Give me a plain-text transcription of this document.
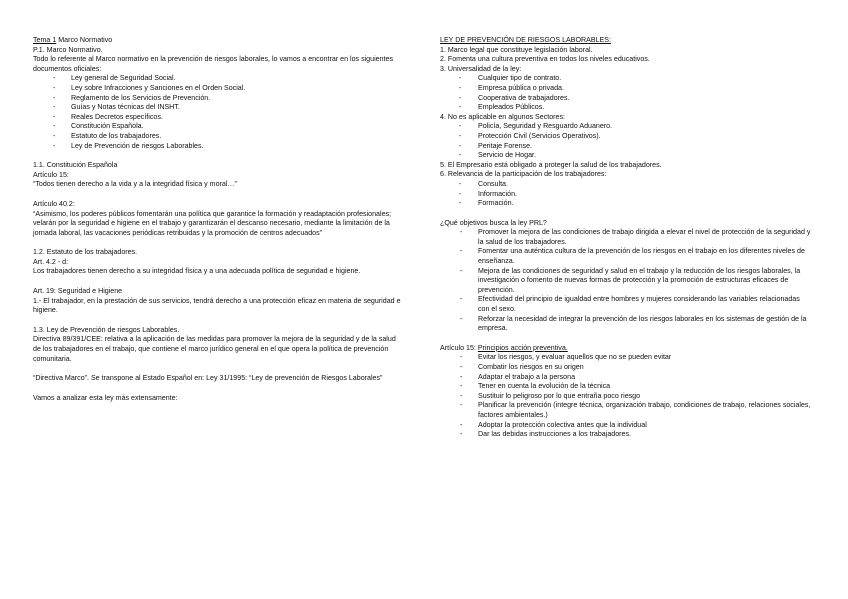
Tema 1 Marco Normativo

P.1. Marco Normativo.

Todo lo referente al Marco normativo en la prevención de riesgos laborales, lo vamos a encontrar en los siguientes documentos oficiales:

- Ley general de Seguridad Social.
- Ley sobre Infracciones y Sanciones en el Orden Social.
- Reglamento de los Servicios de Prevención.
- Guías y Notas técnicas del INSHT.
- Reales Decretos específicos.
- Constitución Española.
- Estatuto de los trabajadores.
- Ley de Prevención de riesgos Laborables.

1.1. Constitución Española

Artículo 15:

“Todos tienen derecho a la vida y a la integridad física y moral…”

Artículo 40.2:

“Asimismo, los poderes públicos fomentarán una política que garantice la formación y readaptación profesionales; velarán por la seguridad e higiene en el trabajo y garantizarán el descanso necesario, mediante la limitación de la jornada laboral, las vacaciones periódicas retribuidas y la promoción de centros adecuados”

1.2. Estatuto de los trabajadores.

Art. 4.2 - d:

Los trabajadores tienen derecho a su integridad física y a una adecuada política de seguridad e higiene.

Art. 19: Seguridad e Higiene

1.- El trabajador, en la prestación de sus servicios, tendrá derecho a una protección eficaz en materia de seguridad e higiene.

1.3. Ley de Prevención de riesgos Laborables.

Directiva 89/391/CEE: relativa a la aplicación de las medidas para promover la mejora de la seguridad y de la salud de los trabajadores en el trabajo, que contiene el marco jurídico general en el que opera la política de prevención comunitaria.

“Directiva Marco”. Se transpone al Estado Español en: Ley 31/1995: “Ley de prevención de Riesgos Laborales”

Vamos a analizar esta ley más extensamente:

LEY DE PREVENCIÓN DE RIESGOS LABORABLES:

1. Marco legal que constituye legislación laboral.

2. Fomenta una cultura preventiva en todos los niveles educativos.

3. Universalidad de la ley:

- Cualquier tipo de contrato.
- Empresa pública o privada.
- Cooperativa de trabajadores.
- Empleados Públicos.

4. No es aplicable en algunos Sectores:

- Policía, Seguridad y Resguardo Aduanero.
- Protección Civil (Servicios Operativos).
- Peritaje Forense.
- Servicio de Hogar.

5. El Empresario está obligado a proteger la salud de los trabajadores.

6. Relevancia de la participación de los trabajadores:

- Consulta.
- Información.
- Formación.

¿Qué objetivos busca la ley PRL?

- Promover la mejora de las condiciones de trabajo dirigida a elevar el nivel de protección de la seguridad y la salud de los trabajadores.
- Fomentar una auténtica cultura de la prevención de los riesgos en el trabajo en los diferentes niveles de enseñanza.
- Mejora de las condiciones de seguridad y salud en el trabajo y la reducción de los riesgos laborales, la investigación o fomento de nuevas formas de protección y la promoción de estructuras eficaces de prevención.
- Efectividad del principio de igualdad entre hombres y mujeres considerando las variables relacionadas con el sexo.
- Reforzar la necesidad de integrar la prevención de los riesgos laborales en los sistemas de gestión de la empresa.

Artículo 15: Principios acción preventiva.

- Evitar los riesgos, y evaluar aquellos que no se pueden evitar
- Combatir los riesgos en su origen
- Adaptar el trabajo a la persona
- Tener en cuenta la evolución de la técnica
- Sustituir lo peligroso por lo que entraña poco riesgo
- Planificar la prevención (integre técnica, organización trabajo, condiciones de trabajo, relaciones sociales, factores ambientales.)
- Adoptar la protección colectiva antes que la individual
- Dar las debidas instrucciones a los trabajadores.
